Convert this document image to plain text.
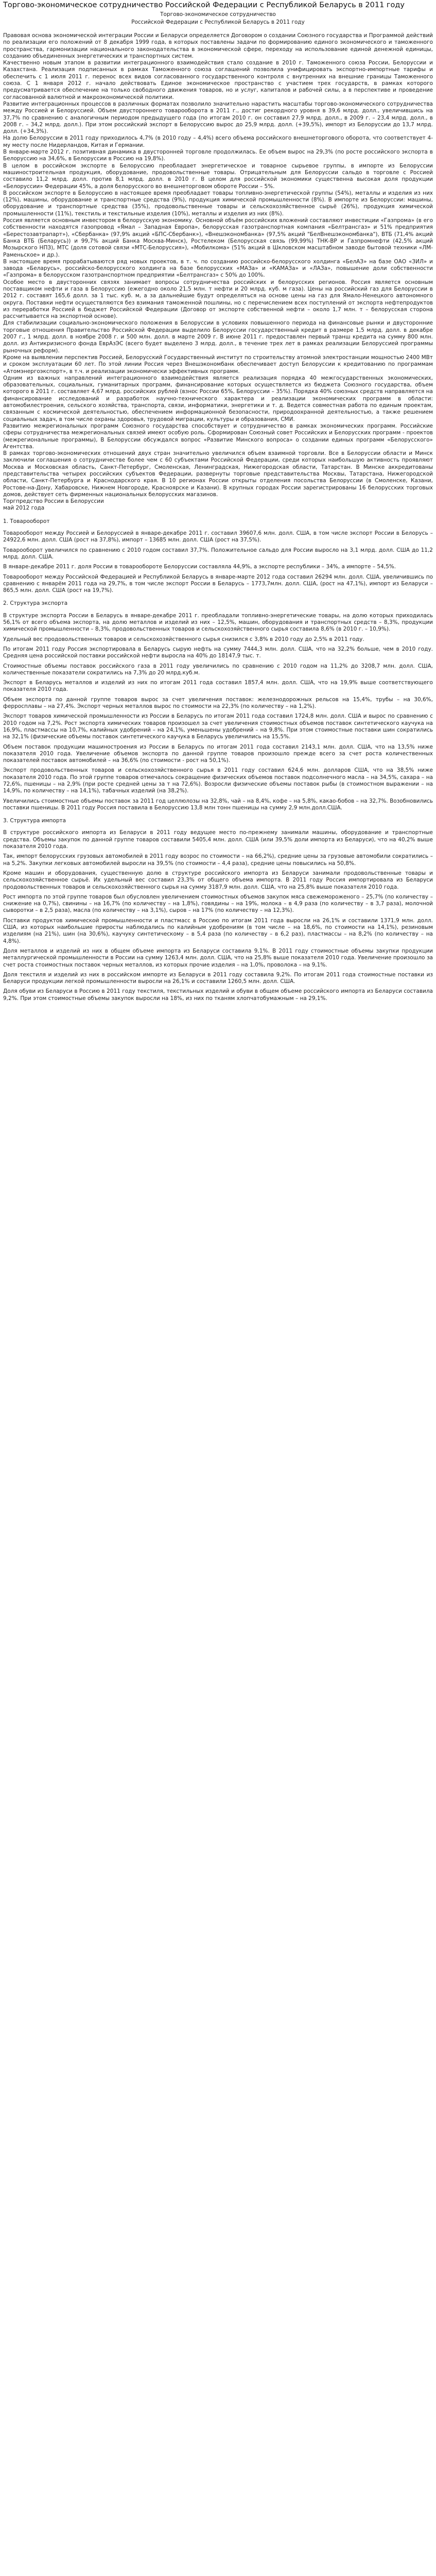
Торгово-экономическое сотрудничество Российской Федерации с Республикой Беларусь в 2011 году
Торгово-экономическое сотрудничество
Российской Федерации с Республикой Беларусь в 2011 году

Правовая основа экономической интеграции России и Беларуси определяется Договором о создании Союзного государства и Программой действий по реализации его положений от 8 декабря 1999 года, в которых поставлены задачи по формированию единого экономического и таможенного пространства, гармонизации национального законодательства в экономической сфере, переходу на использование единой денежной единицы, созданию объединенных энергетических и транспортных систем.

Качественно новым этапом в развитии интеграционного взаимодействия стало создание в 2010 г. Таможенного союза России, Белоруссии и Казахстана. Реализация подписанных в рамках Таможенного союза соглашений позволила унифицировать экспортно-импортные тарифы и обеспечить с 1 июля 2011 г. перенос всех видов согласованного государственного контроля с внутренних на внешние границы Таможенного союза. С 1 января 2012 г. начало действовать Единое экономическое пространство с участием трех государств, в рамках которого предусматривается обеспечение на только свободного движения товаров, но и услуг, капиталов и рабочей силы, а в перспективе и проведение согласованной валютной и макроэкономической политики.

Развитие интеграционных процессов в различных форматах позволило значительно нарастить масштабы торгово-экономического сотрудничества между Россией и Белоруссией. Объем двустороннего товарооборота в 2011 г., достиг рекордного уровня в 39,6 млрд. долл., увеличившись на 37,7% по сравнению с аналогичным периодом предыдущего года (по итогам 2010 г. он составил 27,9 млрд. долл., в 2009 г. – 23,4 млрд. долл., в 2008 г. – 34,2 млрд. долл.). При этом российский экспорт в Белоруссию вырос до 25,9 млрд. долл. (+39,5%), импорт из Белоруссии до 13,7 млрд. долл. (+34,3%).

На долю Белоруссии в 2011 году приходилось 4,7% (в 2010 году – 4,4%) всего объема российского внешнеторгового оборота, что соответствует 4-му месту после Нидерландов, Китая и Германии.

В январе-марте 2012 г. позитивная динамика в двусторонней торговле продолжилась. Ее объем вырос на 29,3% (по росте российского экспорта в Белоруссию на 34,6%, в Белоруссии в Россию на 19,8%).

В целом в российском экспорте в Белоруссию преобладает энергетическое и товарное сырьевое группы, в импорте из Белоруссии машиностроительная продукция, оборудование, продовольственные товары. Отрицательным для Белоруссии сальдо в торговле с Россией составило 11,2 млрд. долл. против 8,1 млрд. долл. в 2010 г. В целом для российской экономики существенна высокая доля продукции «Белоруссии» Федерации 45%, а доля белорусского во внешнеторговом обороте России – 5%.

В российском экспорте в Белоруссию в настоящее время преобладает товары топливно-энергетической группы (54%), металлы и изделия из них (12%), машины, оборудование и транспортные средства (9%), продукция химической промышленности (8%). В импорте из Белоруссии: машины, оборудование и транспортные средства (35%), продовольственные товары и сельскохозяйственное сырьё (26%), продукция химической промышленности (11%), текстиль и текстильные изделия (10%), металлы и изделия из них (8%).

Россия является основным инвестором в белорусскую экономику. Основной объём российских вложений составляют инвестиции «Газпрома» (в его собственности находятся газопровод «Ямал – Западная Европа», белорусская газотранспортная компания «Белтрансгаз» и 51% предприятия «Берестозавтрапарт»), «Сбербанка» (97,9% акций «БПС-Сбербанк»), «Внешэкономбанка» (97,5% акций "БелВнешэкономбанка"), ВТБ (71,4% акций Банка ВТБ (Беларусь)) и 99,7% акций Банка Москва-Минск), Ростелеком (Белорусская связь (99,99%) ТНК-BP и Газпромнефти (42,5% акций Мозырского НПЗ), МТС (доля сотовой связи «МТС-Белоруссия»), «Мобилкома» (51% акций в Шкловском масштабном заводе бытовой техники «ЛМ-Раменьское» и др.).

В настоящее время прорабатываются ряд новых проектов, в т. ч. по созданию российско-белорусского холдинга «БелАЗ» на базе ОАО «ЗИЛ» и завода «Беларусь», российско-белорусского холдинга на базе белорусских «МАЗа» и «КАМАЗа» и «ЛАЗа», повышение доли собственности «Газпрома» в белорусском газотранспортном предприятии «Белтрансгаз» с 50% до 100%.

Особое место в двусторонних связях занимает вопросы сотрудничества российских и белорусских регионов. Россия является основным поставщиком нефти и газа в Белоруссию (ежегодно около 21,5 млн. т нефти и 20 млрд. куб. м газа). Цены на российский газ для Белоруссии в 2012 г. составят 165,6 долл. за 1 тыс. куб. м, а за дальнейшие будут определяться на основе цены на газ для Ямало-Ненецкого автономного округа. Поставки нефти осуществляются без взимания таможенной пошлины, но с перечислением всех поступлений от экспорта нефтепродуктов из переработки Россией в бюджет Российской Федерации (Договор от экспорте собственной нефти – около 1,7 млн. т – белорусская сторона рассчитывается на экспортной основе).

Для стабилизации социально-экономического положения в Белоруссии в условиях повышенного периода на финансовые рынки и двусторонние торговые отношения Правительство Российской Федерации выделило Белоруссии государственный кредит в размере 1,5 млрд. долл. в декабре 2007 г., 1 млрд. долл. в ноябре 2008 г. и 500 млн. долл. в марте 2009 г. В июне 2011 г. предоставлен первый транш кредита на сумму 800 млн. долл. из Антикризисного фонда ЕврАзЭС (всего будет выделено 3 млрд. долл., в течение трех лет в рамках реализации Белоруссией программы рыночных реформ).

Кроме на выявлении перспектив Россией, Белорусский Государственный институт по строительству атомной электростанции мощностью 2400 МВт и сроком эксплуатации 60 лет. По этой линии Россия через Внешэкономбанк обеспечивает доступ Белоруссии к кредитованию по программам «Атомэнергоэкспорт», в т.ч. и реализации экономически эффективных программ.

Одним из важных направлений интеграционного взаимодействия является реализация порядка 40 межгосударственных экономических, образовательных, социальных, гуманитарных программ, финансирование которых осуществляется из бюджета Союзного государства, объем которого в 2011 г. составляет 4,67 млрд. российских рублей (взнос России 65%, Белоруссии – 35%). Порядка 40% союзных средств направляется на финансирование исследований и разработок научно-технического характера и реализации экономических программ в области: автомобилестроения, сельского хозяйства, транспорта, связи, информатики, энергетики и т. д. Ведется совместная работа по единым проектам, связанным с космической деятельностью, обеспечением информационной безопасности, природоохранной деятельностью, а также решением социальных задач, в том числе охраны здоровья, трудовой миграции, культуры и образования, СМИ.

Развитию межрегиональных программ Союзного государства способствует и сотрудничество в рамках экономических программ. Российские сферы сотрудничества межрегиональных связей имеют особую роль. Сформирован Союзный совет Российских и Белорусских программ - проектов (межрегиональные программы), В Белоруссии обсуждался вопрос «Развитие Минского вопроса» о создании единых программ «Белорусского» Агентства.

В рамках торгово-экономических отношений двух стран значительно увеличился объем взаимной торговли. Все в Белоруссии области и Минск заключили соглашения о сотрудничестве более чем с 60 субъектами Российской Федерации, среди которых наибольшую активность проявляют Москва и Московская область, Санкт-Петербург, Смоленская, Ленинградская, Нижегородская области, Татарстан. В Минске аккредитованы представительства четырех российских субъектов Федерации, развернуты торговые представительства Москвы, Татарстана, Нижегородской области, Санкт-Петербурга и Краснодарского края. В 10 регионах России открыты отделения посольства Белоруссии (в Смоленске, Казани, Ростове-на-Дону, Хабаровске, Нижнем Новгороде, Красноярске и Казани). В крупных городах России зарегистрированы 16 белорусских торговых домов, действует сеть фирменных национальных белорусских магазинов.

Торгпредство России в Белоруссии

май 2012 года
1. Товарооборот

Товарооборот между Россией и Белоруссией в январе-декабре 2011 г. составил 39607,6 млн. долл. США, в том числе экспорт России в Белорусь – 24922,6 млн. долл. США (рост на 37,8%), импорт – 13685 млн. долл. США (рост на 37,5%).

Товарооборот увеличился по сравнению с 2010 годом составил 37,7%. Положительное сальдо для России выросло на 3,1 млрд. долл. США до 11,2 млрд. долл. США.

В январе-декабре 2011 г. доля России в товарообороте Белоруссии составляла 44,9%, а экспорте республики – 34%, а импорте – 54,5%.

Товарооборот между Российской Федерацией и Республикой Беларусь в январе-марте 2012 года составил 26294 млн. долл. США, увеличившись по сравнению с январём 2011 года на 29,7%, в том числе экспорт России в Беларусь – 1773,7млн. долл. США, (рост на 47,1%), импорт из Беларуси – 865,5 млн. долл. США (рост на 19,7%).

2. Структура экспорта

В структуре экспорта России в Беларусь в январе-декабре 2011 г. преобладали топливно-энергетические товары, на долю которых приходилась 56,1% от всего объема экспорта, на долю металлов и изделий из них – 12,5%, машин, оборудования и транспортных средств – 8,3%, продукции химической промышленности – 8,3%, продовольственных товаров и сельскохозяйственного сырья составила 8,6% (в 2010 г. – 10,9%).

Удельный вес продовольственных товаров и сельскохозяйственного сырья снизился с 3,8% в 2010 году до 2,5% в 2011 году.

По итогам 2011 году Россия экспортировала в Беларусь сырую нефть на сумму 7444,3 млн. долл. США, что на 32,2% больше, чем в 2010 году. Средняя цена российской поставки российской нефти выросла на 40% до 18147,9 тыс. т.

Стоимостные объемы поставок российского газа в 2011 году увеличились по сравнению с 2010 годом на 11,2% до 3208,7 млн. долл. США, количественные показатели сократились на 7,3% до 20 млрд.куб.м.

Экспорт в Беларусь металлов и изделий из них по итогам 2011 года составил 1857,4 млн. долл. США, что на 19,9% выше соответствующего показателя 2010 года.

Объем экспорта по данной группе товаров вырос за счет увеличения поставок: железнодорожных рельсов на 15,4%, трубы – на 30,6%, ферросплавы – на 27,4%. Экспорт черных металлов вырос по стоимости на 22,3% (по количеству – на 1,2%).

Экспорт товаров химической промышленности из России в Беларусь по итогам 2011 года составил 1724,8 млн. долл. США и вырос по сравнению с 2010 годом на 7,2%. Рост экспорта химических товаров произошел за счет увеличения стоимостных объемов поставок синтетического каучука на 16,9%, пластмассы на 10,7%, калийных удобрений – на 24,1%, уменьшены удобрений – на 9,8%. При этом стоимостные поставки шин сократились на 32,1% (физические объемы поставок синтетического каучука в Беларусь увеличились на 15,5%.

Объем поставок продукции машиностроения из России в Беларусь по итогам 2011 года составил 2143,1 млн. долл. США, что на 13,5% ниже показателя 2010 года. Увеличение объемов экспорта по данной группе товаров произошло прежде всего за счет роста количественных показателей поставок автомобилей – на 36,6% (по стоимости - рост на 50,1%).

Экспорт продовольственных товаров и сельскохозяйственного сырья в 2011 году составил 624,6 млн. долларов США, что на 38,5% ниже показателя 2010 года. По этой группе товаров отмечалось сокращение физических объемов поставок подсолнечного масла – на 34,5%, сахара – на 72,6%, пшеницы – на 2,9% (при росте средней цены за т на 72,6%). Возросли физические объемы поставок рыбы (в стоимостном выражении – на 14,9%, по количеству – на 14,1%), табачных изделий (на 38,2%).

Увеличились стоимостные объемы поставок за 2011 год целлюлозы на 32,8%, чай – на 8,4%, кофе – на 5,8%, какао-бобов – на 32,7%. Возобновились поставки пшеницы. В 2011 году Россия поставила в Белоруссию 13,8 млн тонн пшеницы на сумму 2,9 млн.долл.США.

3. Структура импорта

В структуре российского импорта из Беларуси в 2011 году ведущее место по-прежнему занимали машины, оборудование и транспортные средства. Объемы закупок по данной группе товаров составили 5405,4 млн. долл. США (или 39,5% доли импорта из Беларуси), что на 40,2% выше показателя 2010 года.

Так, импорт белорусских грузовых автомобилей в 2011 году возрос по стоимости – на 66,2%), средние цены за грузовые автомобили сократились – на 5,2%. Закупки легковых автомобилей выросли на 39,5% (по стоимости – 4,4 раза), средние цены повысились на 50,8%.

Кроме машин и оборудования, существенную долю в структуре российского импорта из Беларуси занимали продовольственные товары и сельскохозяйственное сырьё. Их удельный вес составил 23,3% от общего объема импорта. В 2011 году Россия импортировала из Беларуси продовольственных товаров и сельскохозяйственного сырья на сумму 3187,9 млн. долл. США, что на 25,8% выше показателя 2010 года.

Рост импорта по этой группе товаров был обусловлен увеличением стоимостных объемов закупок мяса свежемороженого – 25,7% (по количеству – снижение на 0,7%), свинины – на 16,7% (по количеству – на 1,8%), говядины – на 19%, молока – в 4,9 раза (по количеству – в 3,7 раза), молочной сыворотки – в 2,5 раза), масла (по количеству – на 3,1%), сыров – на 17% (по количеству – на 12,3%).

Поставки продуктов химической промышленности и пластмасс в Россию по итогам 2011 года выросли на 26,1% и составили 1371,9 млн. долл. США, из которых наибольшие приросты наблюдались по калийным удобрениям (в том числе – на 18,6%, по стоимости на 14,1%), резиновым изделиям (на 21%), шин (на 30,6%), каучуку синтетическому – в 5,4 раза (по количеству – в 6,2 раз), пластмассы – на 8,2% (по количеству – на 4,8%).

Доля металлов и изделий из них в общем объеме импорта из Беларуси составила 9,1%. В 2011 году стоимостные объемы закупки продукции металлургической промышленности в России на сумму 1263,4 млн. долл. США, что на 25,8% выше показателя 2010 года. Увеличение произошло за счет роста стоимостных поставок черных металлов, из которых прочие изделия – на 1,0%, проволока – на 9,1%.

Доля текстиля и изделий из них в российском импорте из Беларуси в 2011 году составила 9,2%. По итогам 2011 года стоимостные поставки из Беларуси продукции легкой промышленности выросли на 26,1% и составили 1260,5 млн. долл. США.

Доля обуви из Беларуси в Россию в 2011 году текстиля, текстильных изделий и обуви в общем объеме российского импорта из Беларуси составила 9,2%. При этом стоимостные объемы закупок выросли на 18%, из них по тканям хлопчатобумажным – на 29,1%.
